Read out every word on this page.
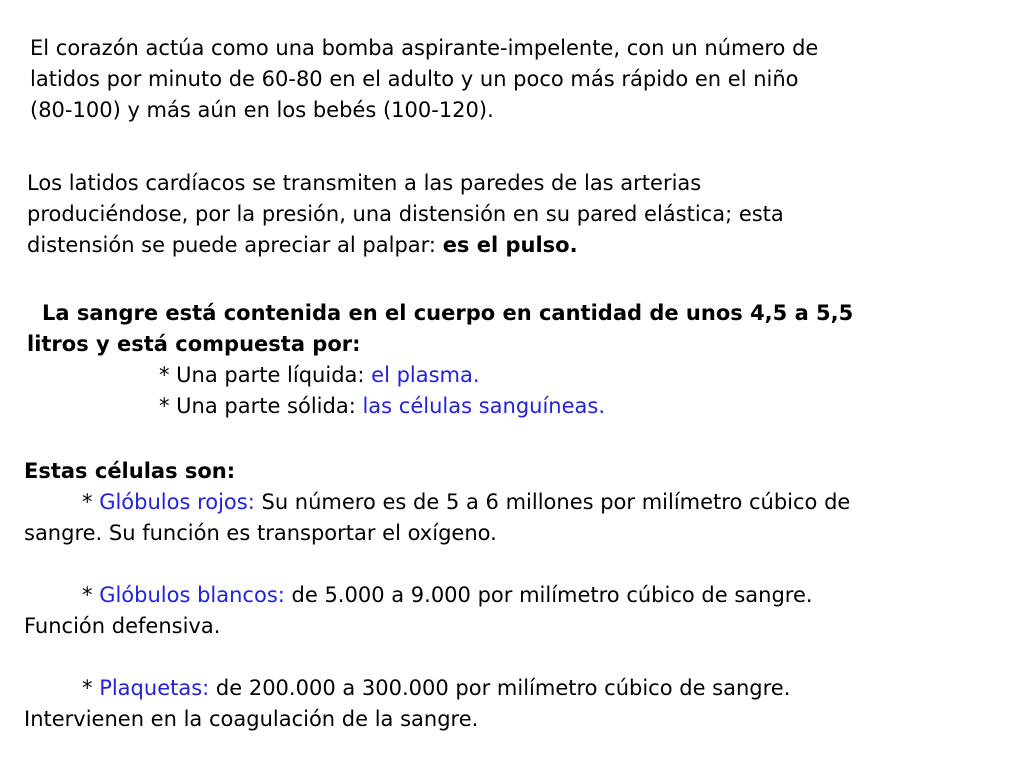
El corazón actúa como una bomba aspirante-impelente, con un número de
latidos por minuto de 60-80 en el adulto y un poco más rápido en el niño
(80-100) y más aún en los bebés (100-120).
Los latidos cardíacos se transmiten a las paredes de las arterias
produciéndose, por la presión, una distensión en su pared elástica; esta
distensión se puede apreciar al palpar: es el pulso.
La sangre está contenida en el cuerpo en cantidad de unos 4,5 a 5,5
litros y está compuesta por:
* Una parte líquida: el plasma.
* Una parte sólida: las células sanguíneas.
Estas células son:
* Glóbulos rojos: Su número es de 5 a 6 millones por milímetro cúbico de
sangre. Su función es transportar el oxígeno.

* Glóbulos blancos: de 5.000 a 9.000 por milímetro cúbico de sangre.
Función defensiva.

* Plaquetas: de 200.000 a 300.000 por milímetro cúbico de sangre.
Intervienen en la coagulación de la sangre.
